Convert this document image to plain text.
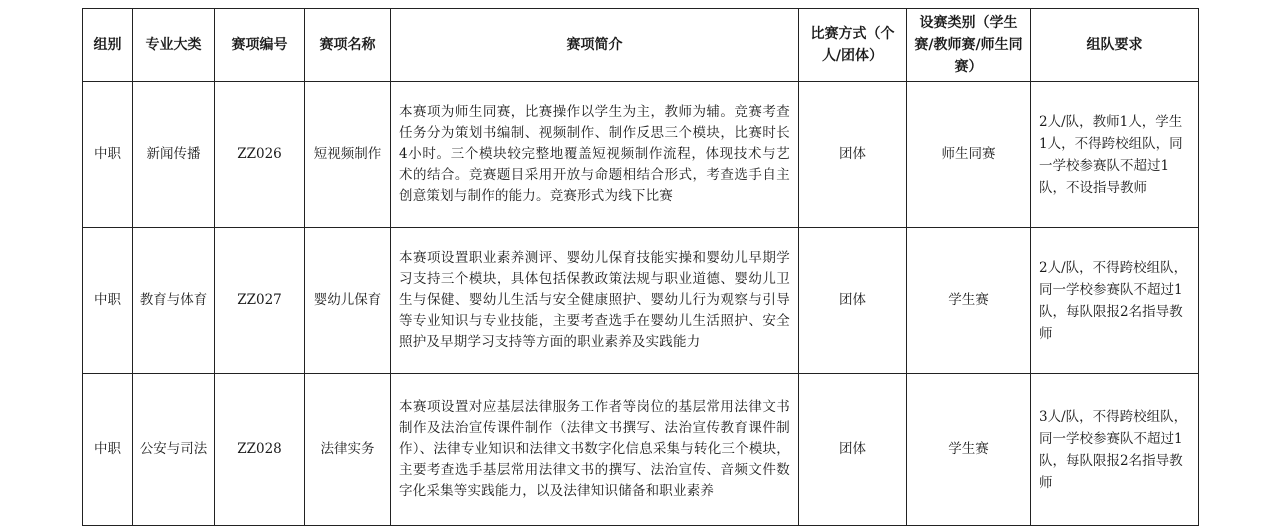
组别	专业大类	赛项编号	赛项名称	赛项简介	比赛方式（个人/团体）	设赛类别（学生赛/教师赛/师生同赛）	组队要求
中职	新闻传播	ZZ026	短视频制作	本赛项为师生同赛，比赛操作以学生为主，教师为辅。竞赛考查任务分为策划书编制、视频制作、制作反思三个模块，比赛时长4小时。三个模块较完整地覆盖短视频制作流程，体现技术与艺术的结合。竞赛题目采用开放与命题相结合形式，考查选手自主创意策划与制作的能力。竞赛形式为线下比赛	团体	师生同赛	2人/队，教师1人，学生1人，不得跨校组队，同一学校参赛队不超过1队，不设指导教师
中职	教育与体育	ZZ027	婴幼儿保育	本赛项设置职业素养测评、婴幼儿保育技能实操和婴幼儿早期学习支持三个模块，具体包括保教政策法规与职业道德、婴幼儿卫生与保健、婴幼儿生活与安全健康照护、婴幼儿行为观察与引导等专业知识与专业技能，主要考查选手在婴幼儿生活照护、安全照护及早期学习支持等方面的职业素养及实践能力	团体	学生赛	2人/队，不得跨校组队，同一学校参赛队不超过1队，每队限报2名指导教师
中职	公安与司法	ZZ028	法律实务	本赛项设置对应基层法律服务工作者等岗位的基层常用法律文书制作及法治宣传课件制作（法律文书撰写、法治宣传教育课件制作）、法律专业知识和法律文书数字化信息采集与转化三个模块，主要考查选手基层常用法律文书的撰写、法治宣传、音频文件数字化采集等实践能力，以及法律知识储备和职业素养	团体	学生赛	3人/队，不得跨校组队，同一学校参赛队不超过1队，每队限报2名指导教师
